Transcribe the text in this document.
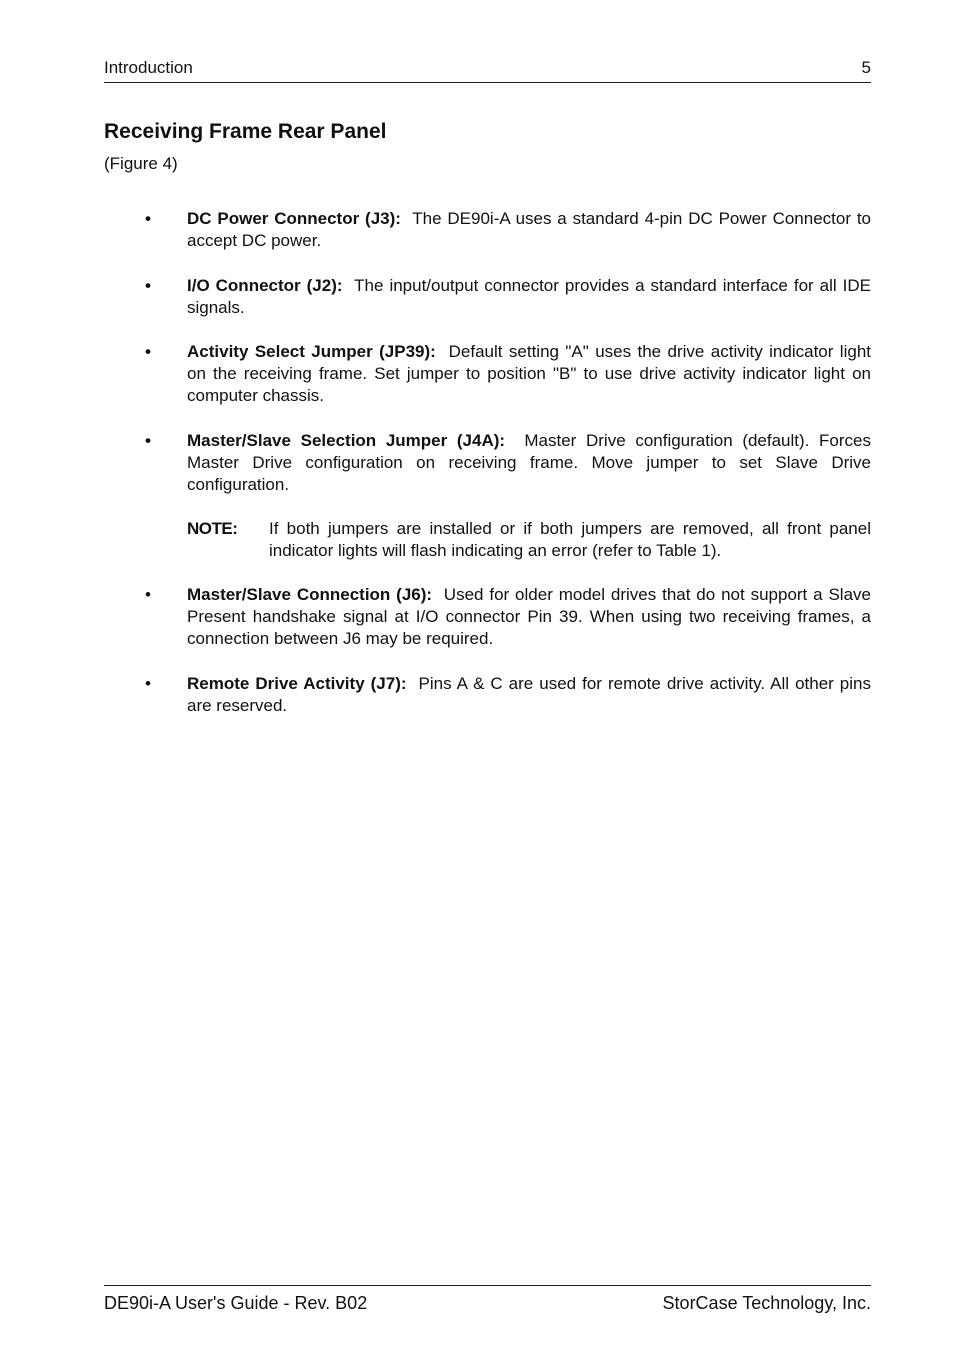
Introduction	5
Receiving Frame Rear Panel
(Figure 4)
• DC Power Connector (J3): The DE90i-A uses a standard 4-pin DC Power Connector to accept DC power.
• I/O Connector (J2): The input/output connector provides a standard interface for all IDE signals.
• Activity Select Jumper (JP39): Default setting "A" uses the drive activity indicator light on the receiving frame. Set jumper to position "B" to use drive activity indicator light on computer chassis.
• Master/Slave Selection Jumper (J4A): Master Drive configuration (default). Forces Master Drive configuration on receiving frame. Move jumper to set Slave Drive configuration.
NOTE: If both jumpers are installed or if both jumpers are removed, all front panel indicator lights will flash indicating an error (refer to Table 1).
• Master/Slave Connection (J6): Used for older model drives that do not support a Slave Present handshake signal at I/O connector Pin 39. When using two receiving frames, a connection between J6 may be required.
• Remote Drive Activity (J7): Pins A & C are used for remote drive activity. All other pins are reserved.
DE90i-A User's Guide - Rev. B02	StorCase Technology, Inc.
